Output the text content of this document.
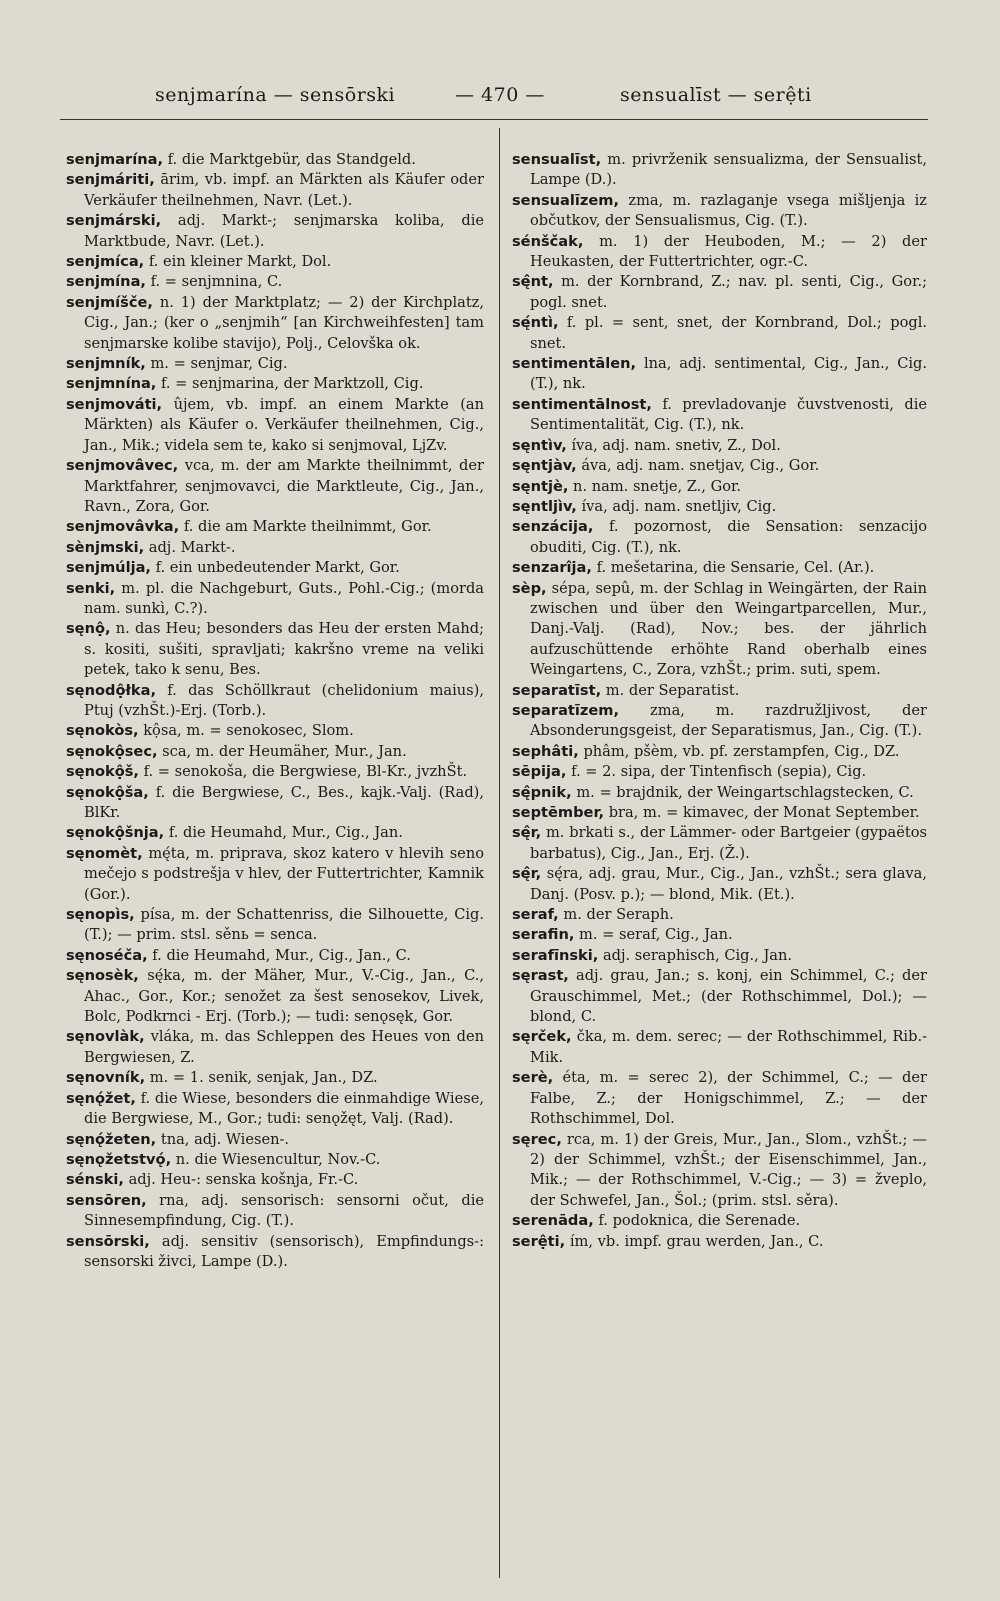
senjmarína — sensōrski	— 470 —	sensualīst — serệti
senjmarína, f. die Marktgebür, das Standgeld.
senjmáriti, ārim, vb. impf. an Märkten als Käufer oder Verkäufer theilnehmen, Navr. (Let.).
senjmárski, adj. Markt-; senjmarska koliba, die Marktbude, Navr. (Let.).
senjmíca, f. ein kleiner Markt, Dol.
senjmína, f. = senjmnina, C.
senjmíšče, n. 1) der Marktplatz; — 2) der Kirchplatz, Cig., Jan.; (ker o „senjmih“ [an Kirchweihfesten] tam senjmarske kolibe stavijo), Polj., Celovška ok.
senjmník, m. = senjmar, Cig.
senjmnína, f. = senjmarina, der Marktzoll, Cig.
senjmováti, ûjem, vb. impf. an einem Markte (an Märkten) als Käufer o. Verkäufer theilnehmen, Cig., Jan., Mik.; videla sem te, kako si senjmoval, LjZv.
senjmovâvec, vca, m. der am Markte theilnimmt, der Marktfahrer, senjmovavci, die Marktleute, Cig., Jan., Ravn., Zora, Gor.
senjmovâvka, f. die am Markte theilnimmt, Gor.
sènjmski, adj. Markt-.
senjmúlja, f. ein unbedeutender Markt, Gor.
senki, m. pl. die Nachgeburt, Guts., Pohl.-Cig.; (morda nam. sunkì, C.?).
sęnộ, n. das Heu; besonders das Heu der ersten Mahd; s. kositi, sušiti, spravljati; kakršno vreme na veliki petek, tako k senu, Bes.
sęnodộłka, f. das Schöllkraut (chelidonium maius), Ptuj (vzhŠt.)-Erj. (Torb.).
sęnokòs, kộsa, m. = senokosec, Slom.
sęnokộsec, sca, m. der Heumäher, Mur., Jan.
sęnokộš, f. = senokoša, die Bergwiese, Bl-Kr., jvzhŠt.
sęnokộša, f. die Bergwiese, C., Bes., kajk.-Valj. (Rad), BlKr.
sęnokộšnja, f. die Heumahd, Mur., Cig., Jan.
sęnomèt, mę́ta, m. priprava, skoz katero v hlevih seno mečejo s podstrešja v hlev, der Futtertrichter, Kamnik (Gor.).
sęnopìs, písa, m. der Schattenriss, die Silhouette, Cig. (T.); — prim. stsl. sěnь = senca.
sęnoséča, f. die Heumahd, Mur., Cig., Jan., C.
sęnosèk, sę́ka, m. der Mäher, Mur., V.-Cig., Jan., C., Ahac., Gor., Kor.; senožet za šest senosekov, Livek, Bolc, Podkrnci - Erj. (Torb.); — tudi: senǫsęk, Gor.
sęnovlàk, vláka, m. das Schleppen des Heues von den Bergwiesen, Z.
sęnovník, m. = 1. senik, senjak, Jan., DZ.
sęnǫ́žet, f. die Wiese, besonders die einmahdige Wiese, die Bergwiese, M., Gor.; tudi: senǫžęt, Valj. (Rad).
sęnǫ́žeten, tna, adj. Wiesen-.
sęnǫžetstvǫ́, n. die Wiesencultur, Nov.-C.
sénski, adj. Heu-: senska košnja, Fr.-C.
sensōren, rna, adj. sensorisch: sensorni očut, die Sinnesempfindung, Cig. (T.).
sensōrski, adj. sensitiv (sensorisch), Empfindungs-: sensorski živci, Lampe (D.).
sensualīst, m. privrženik sensualizma, der Sensualist, Lampe (D.).
sensualīzem, zma, m. razlaganje vsega mišljenja iz občutkov, der Sensualismus, Cig. (T.).
sénščak, m. 1) der Heuboden, M.; — 2) der Heukasten, der Futtertrichter, ogr.-C.
sę̂nt, m. der Kornbrand, Z.; nav. pl. senti, Cig., Gor.; pogl. snet.
sę́ntì, f. pl. = sent, snet, der Kornbrand, Dol.; pogl. snet.
sentimentālen, lna, adj. sentimental, Cig., Jan., Cig. (T.), nk.
sentimentālnost, f. prevladovanje čuvstvenosti, die Sentimentalität, Cig. (T.), nk.
sęntìv, íva, adj. nam. snetiv, Z., Dol.
sęntjàv, áva, adj. nam. snetjav, Cig., Gor.
sęntjè, n. nam. snetje, Z., Gor.
sęntljìv, íva, adj. nam. snetljiv, Cig.
senzácija, f. pozornost, die Sensation: senzacijo obuditi, Cig. (T.), nk.
senzarîja, f. mešetarina, die Sensarie, Cel. (Ar.).
sèp, sépa, sepû, m. der Schlag in Weingärten, der Rain zwischen und über den Weingartparcellen, Mur., Danj.-Valj. (Rad), Nov.; bes. der jährlich aufzuschüttende erhöhte Rand oberhalb eines Weingartens, C., Zora, vzhŠt.; prim. suti, spem.
separatīst, m. der Separatist.
separatīzem, zma, m. razdružljivost, der Absonderungsgeist, der Separatismus, Jan., Cig. (T.).
sephâti, phâm, pšèm, vb. pf. zerstampfen, Cig., DZ.
sēpija, f. = 2. sipa, der Tintenfisch (sepia), Cig.
sę̂pnik, m. = brajdnik, der Weingartschlagstecken, C.
septēmber, bra, m. = kimavec, der Monat September.
sę̂r, m. brkati s., der Lämmer- oder Bartgeier (gypaëtos barbatus), Cig., Jan., Erj. (Ž.).
sę̂r, sę́ra, adj. grau, Mur., Cig., Jan., vzhŠt.; sera glava, Danj. (Posv. p.); — blond, Mik. (Et.).
seraf, m. der Seraph.
serafin, m. = seraf, Cig., Jan.
serafīnski, adj. seraphisch, Cig., Jan.
sęrast, adj. grau, Jan.; s. konj, ein Schimmel, C.; der Grauschimmel, Met.; (der Rothschimmel, Dol.); — blond, C.
sęrček, čka, m. dem. serec; — der Rothschimmel, Rib.-Mik.
serè, éta, m. = serec 2), der Schimmel, C.; — der Falbe, Z.; der Honigschimmel, Z.; — der Rothschimmel, Dol.
sęrec, rca, m. 1) der Greis, Mur., Jan., Slom., vzhŠt.; — 2) der Schimmel, vzhŠt.; der Eisenschimmel, Jan., Mik.; — der Rothschimmel, V.-Cig.; — 3) = žveplo, der Schwefel, Jan., Šol.; (prim. stsl. sěra).
serenāda, f. podoknica, die Serenade.
serệti, ím, vb. impf. grau werden, Jan., C.
